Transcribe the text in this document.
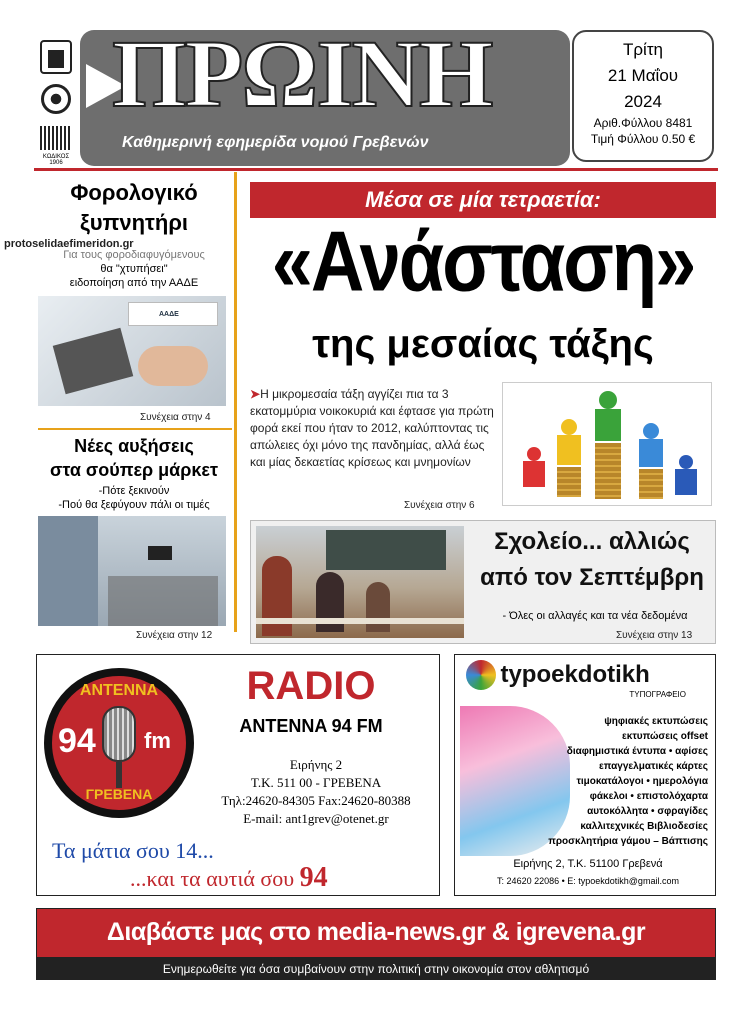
ΚΩΔΙΚΟΣ
1906
ΠΡΩΙΝΗ
Καθημερινή εφημερίδα νομού Γρεβενών
Τρίτη
21 Μαΐου
2024
Αριθ.Φύλλου 8481
Τιμή Φύλλου 0.50 €
Φορολογικό
ξυπνητήρι
protoselidaefimeridon.gr
Για τους φοροδιαφυγόμενους
θα "χτυπήσει"
ειδοποίηση από την ΑΑΔΕ
ΑΑΔΕ
Συνέχεια στην 4
Νέες αυξήσεις
στα σούπερ μάρκετ
-Πότε ξεκινούν
-Πού θα ξεφύγουν πάλι οι τιμές
Συνέχεια στην 12
Μέσα σε μία τετραετία:
«Ανάσταση»
της μεσαίας τάξης
➤Η μικρομεσαία τάξη αγγίζει πια τα 3 εκατομμύρια νοικοκυριά και έφτασε για πρώτη φορά εκεί που ήταν το 2012, καλύπτοντας τις απώλειες όχι μόνο της πανδημίας, αλλά έως και μίας δεκαετίας κρίσεως και μνημονίων
Συνέχεια στην 6
Σχολείο... αλλιώς
από τον Σεπτέμβρη
- Όλες οι αλλαγές και τα νέα δεδομένα
Συνέχεια στην 13
ΑΝΤΕΝΝΑ
94 fm
ΓΡΕΒΕΝΑ
RADIO
ANTENNA 94 FM
Ειρήνης 2
Τ.Κ. 511 00 - ΓΡΕΒΕΝΑ
Τηλ:24620-84305 Fax:24620-80388
E-mail: ant1grev@otenet.gr
Τα μάτια σου 14...
...και τα αυτιά σου 94
typoekdotikh
ΤΥΠΟΓΡΑΦΕΙΟ
ψηφιακές εκτυπώσεις
εκτυπώσεις offset
διαφημιστικά έντυπα • αφίσες
επαγγελματικές κάρτες
τιμοκατάλογοι • ημερολόγια
φάκελοι • επιστολόχαρτα
αυτοκόλλητα • σφραγίδες
καλλιτεχνικές Βιβλιοδεσίες
προσκλητήρια γάμου – Βάπτισης
Ειρήνης 2, Τ.Κ. 51100 Γρεβενά
Τ: 24620 22086 • E: typoekdotikh@gmail.com
Διαβάστε μας στο media-news.gr & igrevena.gr
Ενημερωθείτε για όσα συμβαίνουν στην πολιτική στην οικονομία στον αθλητισμό
